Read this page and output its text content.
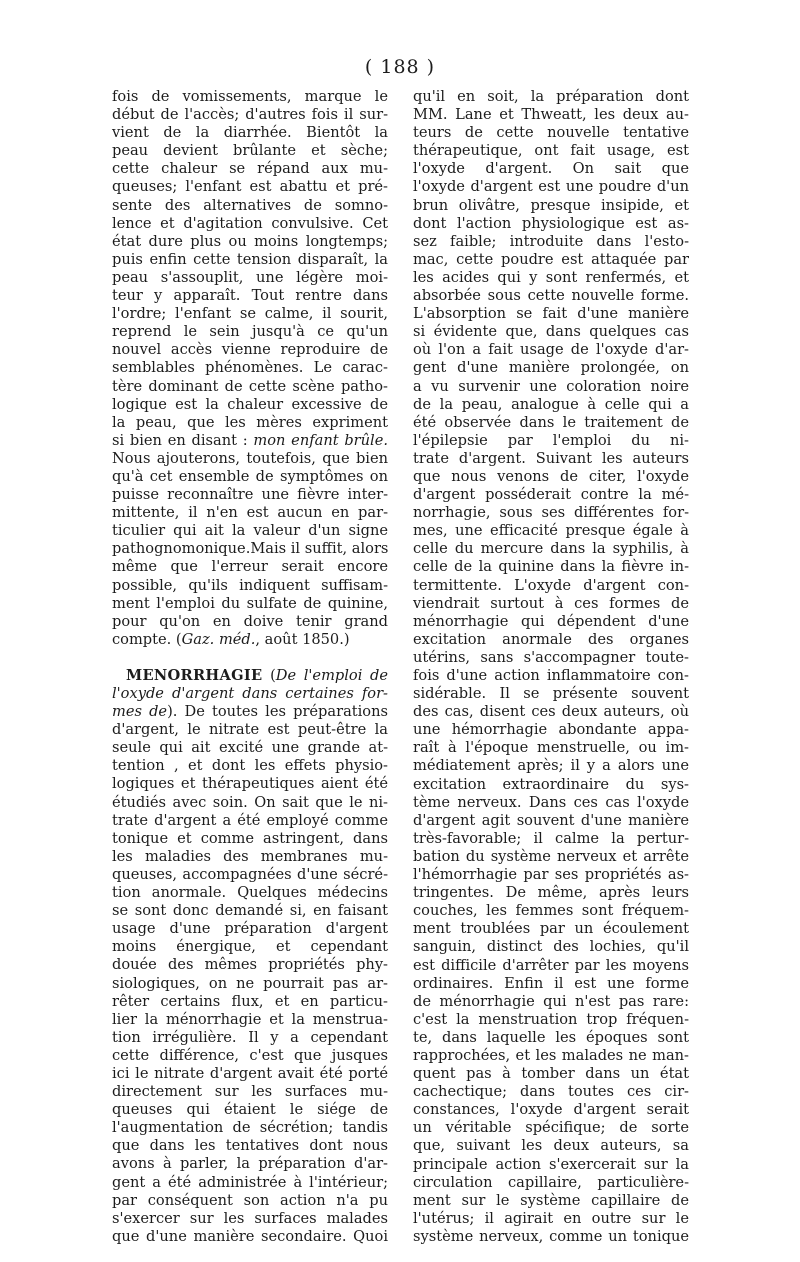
( 188 )
fois de vomissements, marque le
début de l'accès; d'autres fois il sur-
vient de la diarrhée. Bientôt la
peau devient brûlante et sèche;
cette chaleur se répand aux mu-
queuses; l'enfant est abattu et pré-
sente des alternatives de somno-
lence et d'agitation convulsive. Cet
état dure plus ou moins longtemps;
puis enfin cette tension disparaît, la
peau s'assouplit, une légère moi-
teur y apparaît. Tout rentre dans
l'ordre; l'enfant se calme, il sourit,
reprend le sein jusqu'à ce qu'un
nouvel accès vienne reproduire de
semblables phénomènes. Le carac-
tère dominant de cette scène patho-
logique est la chaleur excessive de
la peau, que les mères expriment
si bien en disant : mon enfant brûle.
Nous ajouterons, toutefois, que bien
qu'à cet ensemble de symptômes on
puisse reconnaître une fièvre inter-
mittente, il n'en est aucun en par-
ticulier qui ait la valeur d'un signe
pathognomonique.Mais il suffit, alors
même que l'erreur serait encore
possible, qu'ils indiquent suffisam-
ment l'emploi du sulfate de quinine,
pour qu'on en doive tenir grand
compte. (Gaz. méd., août 1850.)
MENORRHAGIE (De l'emploi de
l'oxyde d'argent dans certaines for-
mes de). De toutes les préparations
d'argent, le nitrate est peut-être la
seule qui ait excité une grande at-
tention , et dont les effets physio-
logiques et thérapeutiques aient été
étudiés avec soin. On sait que le ni-
trate d'argent a été employé comme
tonique et comme astringent, dans
les maladies des membranes mu-
queuses, accompagnées d'une sécré-
tion anormale. Quelques médecins
se sont donc demandé si, en faisant
usage d'une préparation d'argent
moins énergique, et cependant
douée des mêmes propriétés phy-
siologiques, on ne pourrait pas ar-
rêter certains flux, et en particu-
lier la ménorrhagie et la menstrua-
tion irrégulière. Il y a cependant
cette différence, c'est que jusques
ici le nitrate d'argent avait été porté
directement sur les surfaces mu-
queuses qui étaient le siége de
l'augmentation de sécrétion; tandis
que dans les tentatives dont nous
avons à parler, la préparation d'ar-
gent a été administrée à l'intérieur;
par conséquent son action n'a pu
s'exercer sur les surfaces malades
que d'une manière secondaire. Quoi
qu'il en soit, la préparation dont
MM. Lane et Thweatt, les deux au-
teurs de cette nouvelle tentative
thérapeutique, ont fait usage, est
l'oxyde d'argent. On sait que
l'oxyde d'argent est une poudre d'un
brun olivâtre, presque insipide, et
dont l'action physiologique est as-
sez faible; introduite dans l'esto-
mac, cette poudre est attaquée par
les acides qui y sont renfermés, et
absorbée sous cette nouvelle forme.
L'absorption se fait d'une manière
si évidente que, dans quelques cas
où l'on a fait usage de l'oxyde d'ar-
gent d'une manière prolongée, on
a vu survenir une coloration noire
de la peau, analogue à celle qui a
été observée dans le traitement de
l'épilepsie par l'emploi du ni-
trate d'argent. Suivant les auteurs
que nous venons de citer, l'oxyde
d'argent posséderait contre la mé-
norrhagie, sous ses différentes for-
mes, une efficacité presque égale à
celle du mercure dans la syphilis, à
celle de la quinine dans la fièvre in-
termittente. L'oxyde d'argent con-
viendrait surtout à ces formes de
ménorrhagie qui dépendent d'une
excitation anormale des organes
utérins, sans s'accompagner toute-
fois d'une action inflammatoire con-
sidérable. Il se présente souvent
des cas, disent ces deux auteurs, où
une hémorrhagie abondante appa-
raît à l'époque menstruelle, ou im-
médiatement après; il y a alors une
excitation extraordinaire du sys-
tème nerveux. Dans ces cas l'oxyde
d'argent agit souvent d'une manière
très-favorable; il calme la pertur-
bation du système nerveux et arrête
l'hémorrhagie par ses propriétés as-
tringentes. De même, après leurs
couches, les femmes sont fréquem-
ment troublées par un écoulement
sanguin, distinct des lochies, qu'il
est difficile d'arrêter par les moyens
ordinaires. Enfin il est une forme
de ménorrhagie qui n'est pas rare:
c'est la menstruation trop fréquen-
te, dans laquelle les époques sont
rapprochées, et les malades ne man-
quent pas à tomber dans un état
cachectique; dans toutes ces cir-
constances, l'oxyde d'argent serait
un véritable spécifique; de sorte
que, suivant les deux auteurs, sa
principale action s'exercerait sur la
circulation capillaire, particulière-
ment sur le système capillaire de
l'utérus; il agirait en outre sur le
système nerveux, comme un tonique
